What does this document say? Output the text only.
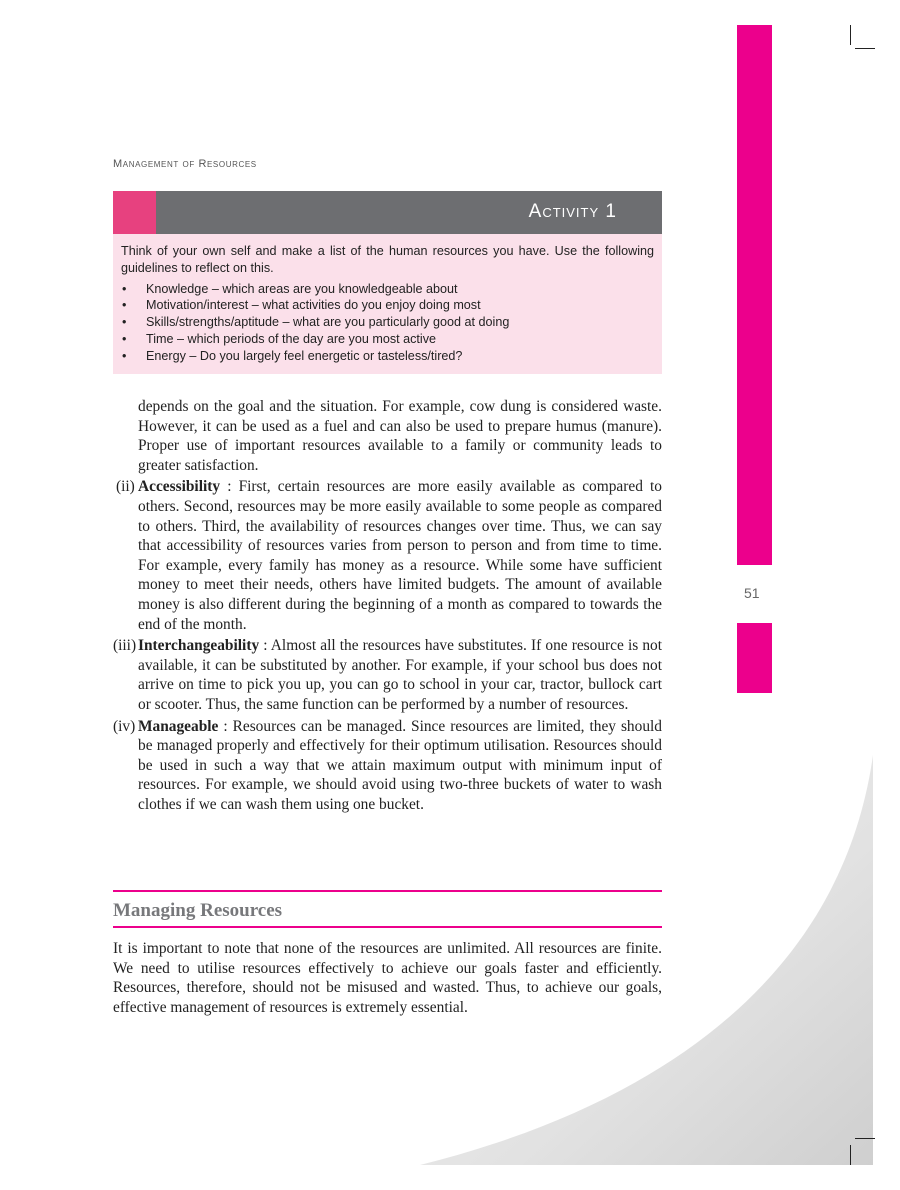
51
Management of Resources
Activity 1

Think of your own self and make a list of the human resources you have. Use the following guidelines to reflect on this.

• Knowledge – which areas are you knowledgeable about
• Motivation/interest – what activities do you enjoy doing most
• Skills/strengths/aptitude – what are you particularly good at doing
• Time – which periods of the day are you most active
• Energy – Do you largely feel energetic or tasteless/tired?

depends on the goal and the situation. For example, cow dung is considered waste. However, it can be used as a fuel and can also be used to prepare humus (manure). Proper use of important resources available to a family or community leads to greater satisfaction.

(ii) Accessibility : First, certain resources are more easily available as compared to others. Second, resources may be more easily available to some people as compared to others. Third, the availability of resources changes over time. Thus, we can say that accessibility of resources varies from person to person and from time to time. For example, every family has money as a resource. While some have sufficient money to meet their needs, others have limited budgets. The amount of available money is also different during the beginning of a month as compared to towards the end of the month.
(iii) Interchangeability : Almost all the resources have substitutes. If one resource is not available, it can be substituted by another. For example, if your school bus does not arrive on time to pick you up, you can go to school in your car, tractor, bullock cart or scooter. Thus, the same function can be performed by a number of resources.
(iv) Manageable : Resources can be managed. Since resources are limited, they should be managed properly and effectively for their optimum utilisation. Resources should be used in such a way that we attain maximum output with minimum input of resources. For example, we should avoid using two-three buckets of water to wash clothes if we can wash them using one bucket.
Managing Resources

It is important to note that none of the resources are unlimited. All resources are finite. We need to utilise resources effectively to achieve our goals faster and efficiently. Resources, therefore, should not be misused and wasted. Thus, to achieve our goals, effective management of resources is extremely essential.
